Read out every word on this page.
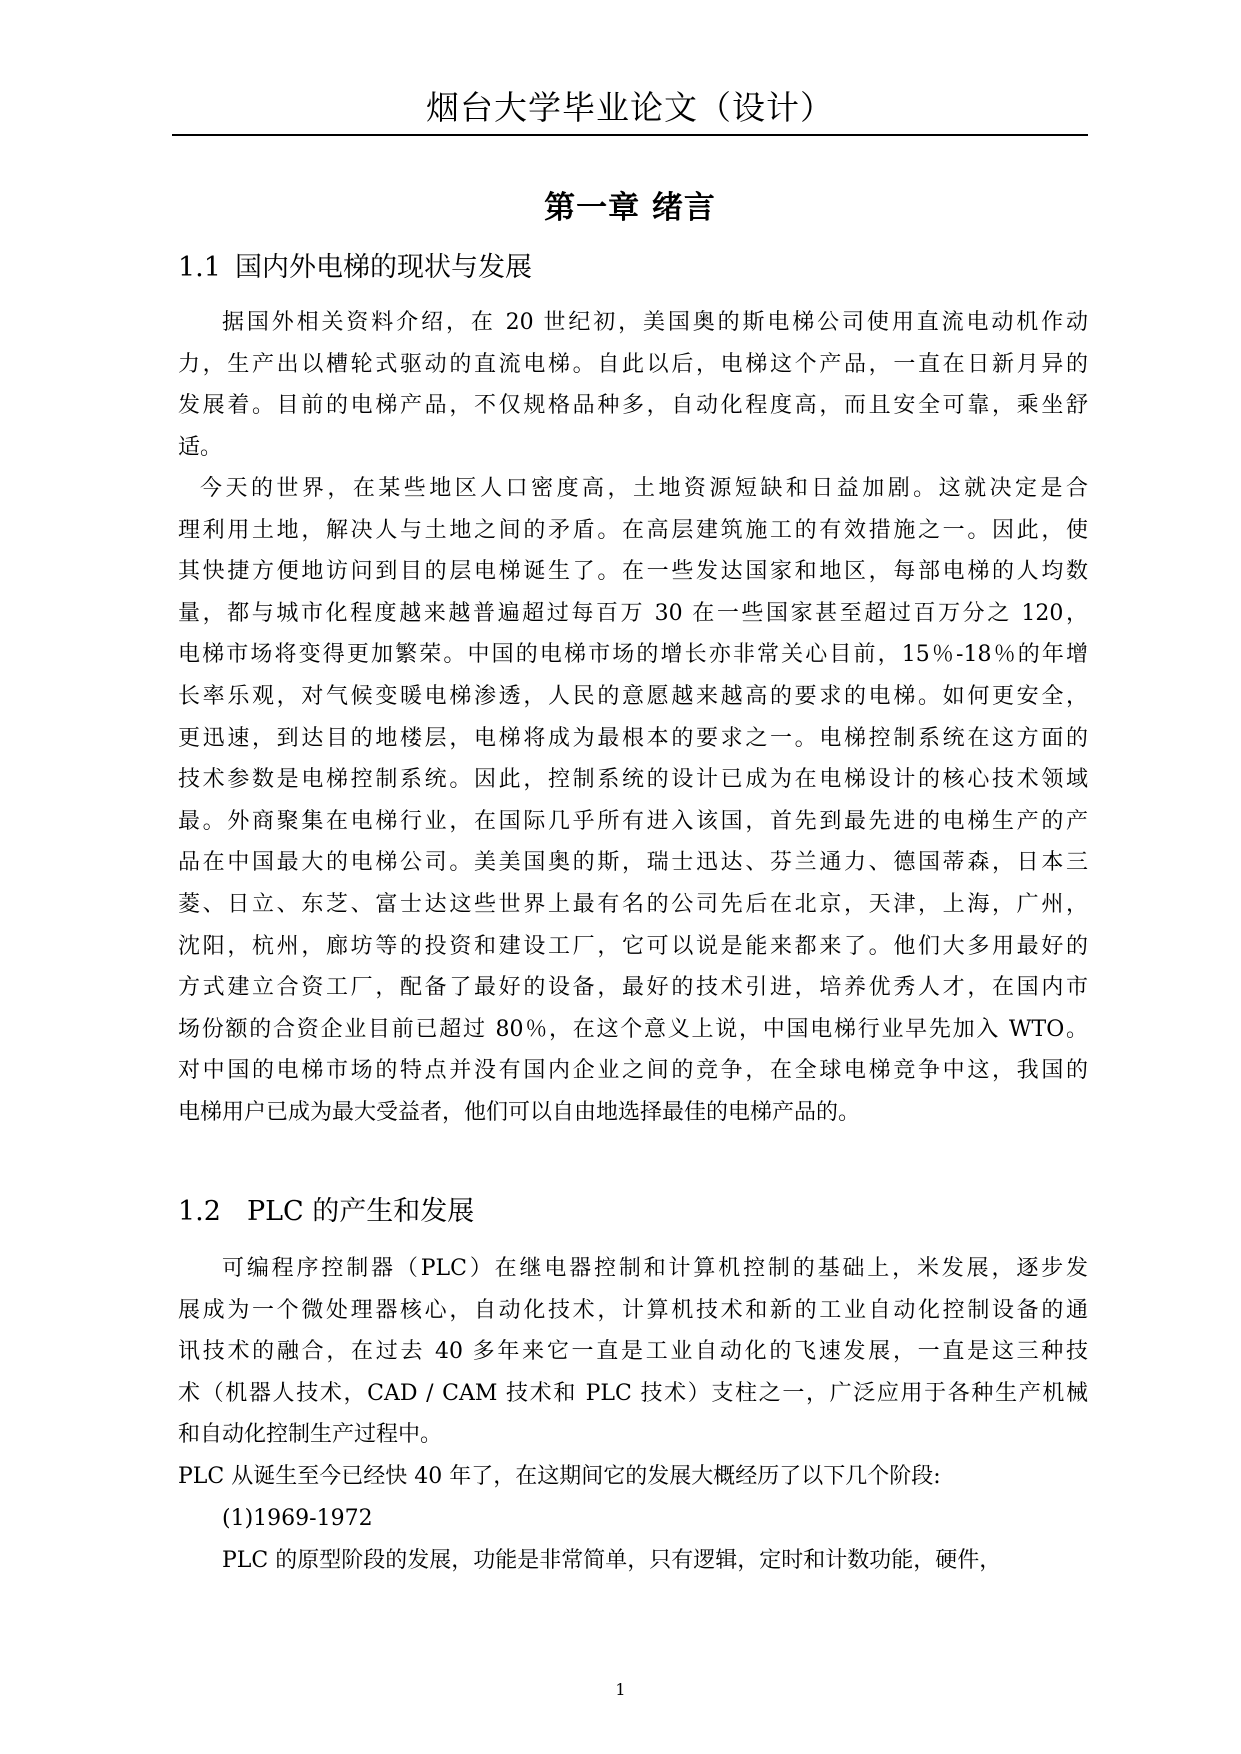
烟台大学毕业论文（设计）
第一章 绪言
1.1 国内外电梯的现状与发展
据国外相关资料介绍，在 20 世纪初，美国奥的斯电梯公司使用直流电动机作动
力，生产出以槽轮式驱动的直流电梯。自此以后，电梯这个产品，一直在日新月异的
发展着。目前的电梯产品，不仅规格品种多，自动化程度高，而且安全可靠，乘坐舒
适。
今天的世界，在某些地区人口密度高，土地资源短缺和日益加剧。这就决定是合
理利用土地，解决人与土地之间的矛盾。在高层建筑施工的有效措施之一。因此，使
其快捷方便地访问到目的层电梯诞生了。在一些发达国家和地区，每部电梯的人均数
量，都与城市化程度越来越普遍超过每百万 30 在一些国家甚至超过百万分之 120，
电梯市场将变得更加繁荣。中国的电梯市场的增长亦非常关心目前，15％-18％的年增
长率乐观，对气候变暖电梯渗透，人民的意愿越来越高的要求的电梯。如何更安全，
更迅速，到达目的地楼层，电梯将成为最根本的要求之一。电梯控制系统在这方面的
技术参数是电梯控制系统。因此，控制系统的设计已成为在电梯设计的核心技术领域
最。外商聚集在电梯行业，在国际几乎所有进入该国，首先到最先进的电梯生产的产
品在中国最大的电梯公司。美美国奥的斯，瑞士迅达、芬兰通力、德国蒂森，日本三
菱、日立、东芝、富士达这些世界上最有名的公司先后在北京，天津，上海，广州，
沈阳，杭州，廊坊等的投资和建设工厂，它可以说是能来都来了。他们大多用最好的
方式建立合资工厂，配备了最好的设备，最好的技术引进，培养优秀人才，在国内市
场份额的合资企业目前已超过 80％，在这个意义上说，中国电梯行业早先加入 WTO。
对中国的电梯市场的特点并没有国内企业之间的竞争，在全球电梯竞争中这，我国的
电梯用户已成为最大受益者，他们可以自由地选择最佳的电梯产品的。
1.2 PLC 的产生和发展
可编程序控制器（PLC）在继电器控制和计算机控制的基础上，米发展，逐步发
展成为一个微处理器核心，自动化技术，计算机技术和新的工业自动化控制设备的通
讯技术的融合，在过去 40 多年来它一直是工业自动化的飞速发展，一直是这三种技
术（机器人技术，CAD / CAM 技术和 PLC 技术）支柱之一，广泛应用于各种生产机械
和自动化控制生产过程中。
PLC 从诞生至今已经快 40 年了，在这期间它的发展大概经历了以下几个阶段:
(1)1969-1972
PLC 的原型阶段的发展，功能是非常简单，只有逻辑，定时和计数功能，硬件，
1
